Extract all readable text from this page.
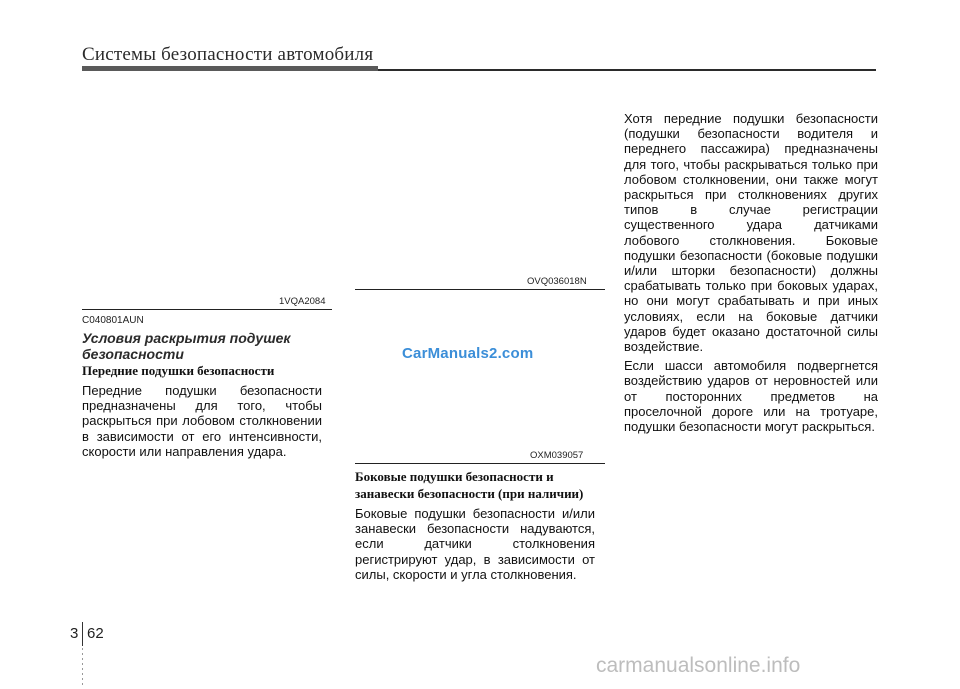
Системы безопасности автомобиля
1VQA2084
OVQ036018N
OXM039057
CarManuals2.com
C040801AUN
Условия раскрытия подушек безопасности
Передние подушки безопасности
Передние подушки безопасности предназначены для того, чтобы раскрыться при лобовом столкновении в зависимости от его интенсивности, скорости или направления удара.
Боковые подушки безопасности и занавески безопасности (при наличии)
Боковые подушки безопасности и/или занавески безопасности надуваются, если датчики столкновения регистрируют удар, в зависимости от силы, скорости и угла столкновения.
Хотя передние подушки безопасности (подушки безопасности водителя и переднего пассажира) предназначены для того, чтобы раскрываться только при лобовом столкновении, они также могут раскрыться при столкновениях других типов в случае регистрации существенного удара датчиками лобового столкновения. Боковые подушки безопасности (боковые подушки и/или шторки безопасности) должны срабатывать только при боковых ударах, но они могут срабатывать и при иных условиях, если на боковые датчики ударов будет оказано достаточной силы воздействие.
Если шасси автомобиля подвергнется воздействию ударов от неровностей или от посторонних предметов на проселочной дороге или на тротуаре, подушки безопасности могут раскрыться.
3 62
carmanualsonline.info
